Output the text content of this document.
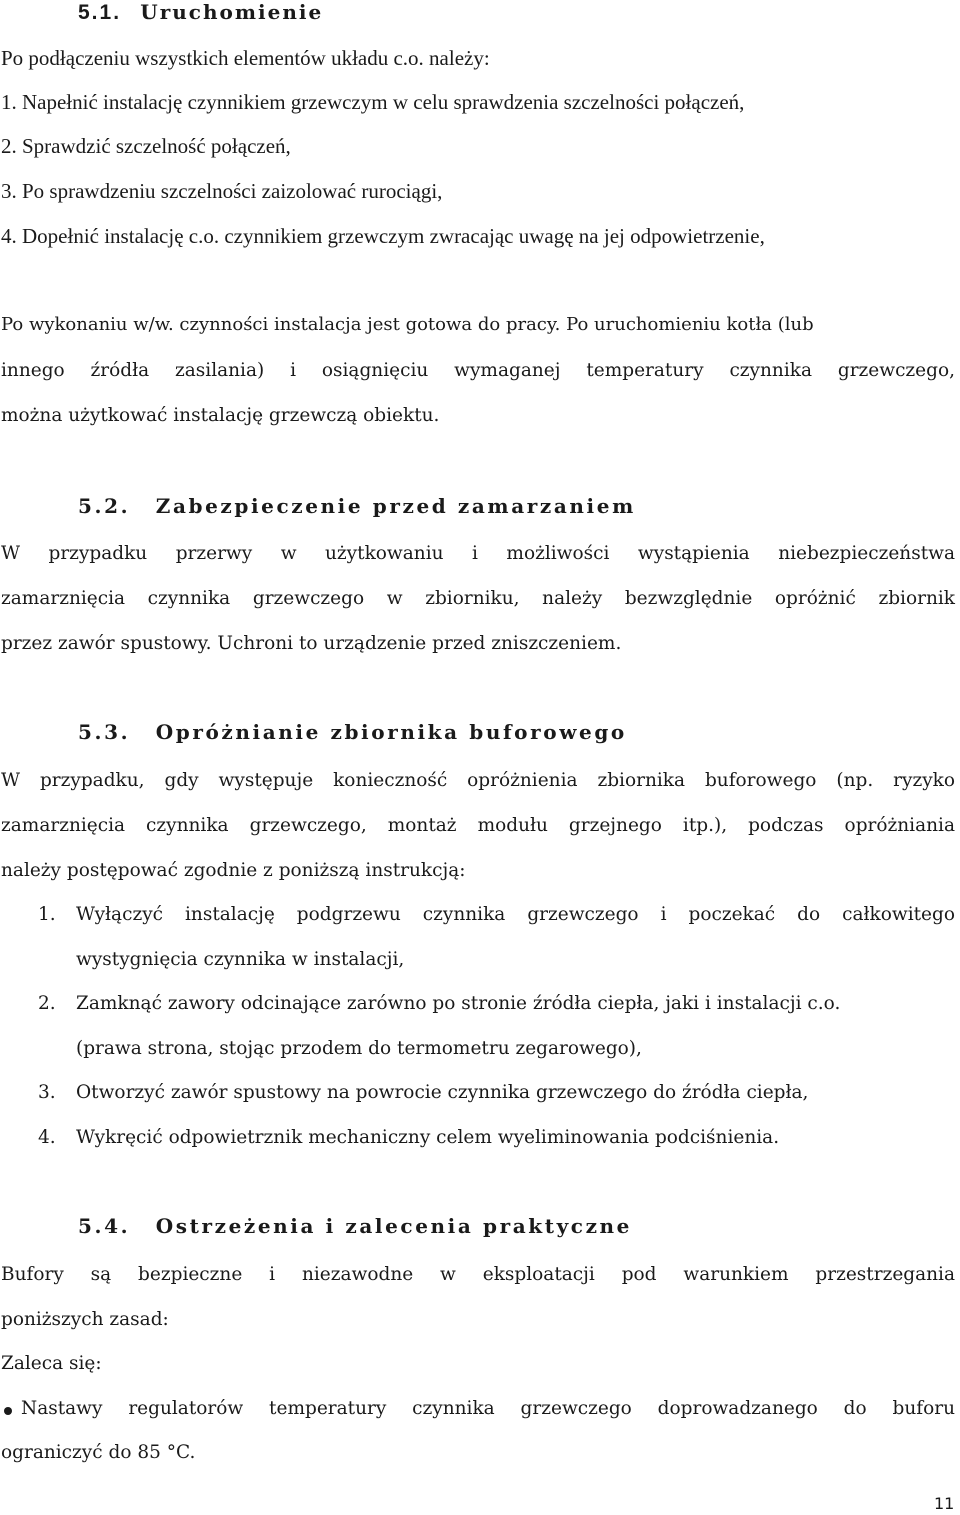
5.1. Uruchomienie
Po podłączeniu wszystkich elementów układu c.o. należy:
1. Napełnić instalację czynnikiem grzewczym w celu sprawdzenia szczelności połączeń,
2. Sprawdzić szczelność połączeń,
3. Po sprawdzeniu szczelności zaizolować rurociągi,
4. Dopełnić instalację c.o. czynnikiem grzewczym zwracając uwagę na jej odpowietrzenie,
Po wykonaniu w/w. czynności instalacja jest gotowa do pracy. Po uruchomieniu kotła (lub
innego źródła zasilania) i osiągnięciu wymaganej temperatury czynnika grzewczego,
można użytkować instalację grzewczą obiektu.
5.2. Zabezpieczenie przed zamarzaniem
W przypadku przerwy w użytkowaniu i możliwości wystąpienia niebezpieczeństwa
zamarznięcia czynnika grzewczego w zbiorniku, należy bezwzględnie opróżnić zbiornik
przez zawór spustowy. Uchroni to urządzenie przed zniszczeniem.
5.3. Opróżnianie zbiornika buforowego
W przypadku, gdy występuje konieczność opróżnienia zbiornika buforowego (np. ryzyko
zamarznięcia czynnika grzewczego, montaż modułu grzejnego itp.), podczas opróżniania
należy postępować zgodnie z poniższą instrukcją:
1. Wyłączyć instalację podgrzewu czynnika grzewczego i poczekać do całkowitego
wystygnięcia czynnika w instalacji,
2. Zamknąć zawory odcinające zarówno po stronie źródła ciepła, jaki i instalacji c.o.
(prawa strona, stojąc przodem do termometru zegarowego),
3. Otworzyć zawór spustowy na powrocie czynnika grzewczego do źródła ciepła,
4. Wykręcić odpowietrznik mechaniczny celem wyeliminowania podciśnienia.
5.4. Ostrzeżenia i zalecenia praktyczne
Bufory są bezpieczne i niezawodne w eksploatacji pod warunkiem przestrzegania
poniższych zasad:
Zaleca się:
Nastawy regulatorów temperatury czynnika grzewczego doprowadzanego do buforu
ograniczyć do 85 °C.
11
